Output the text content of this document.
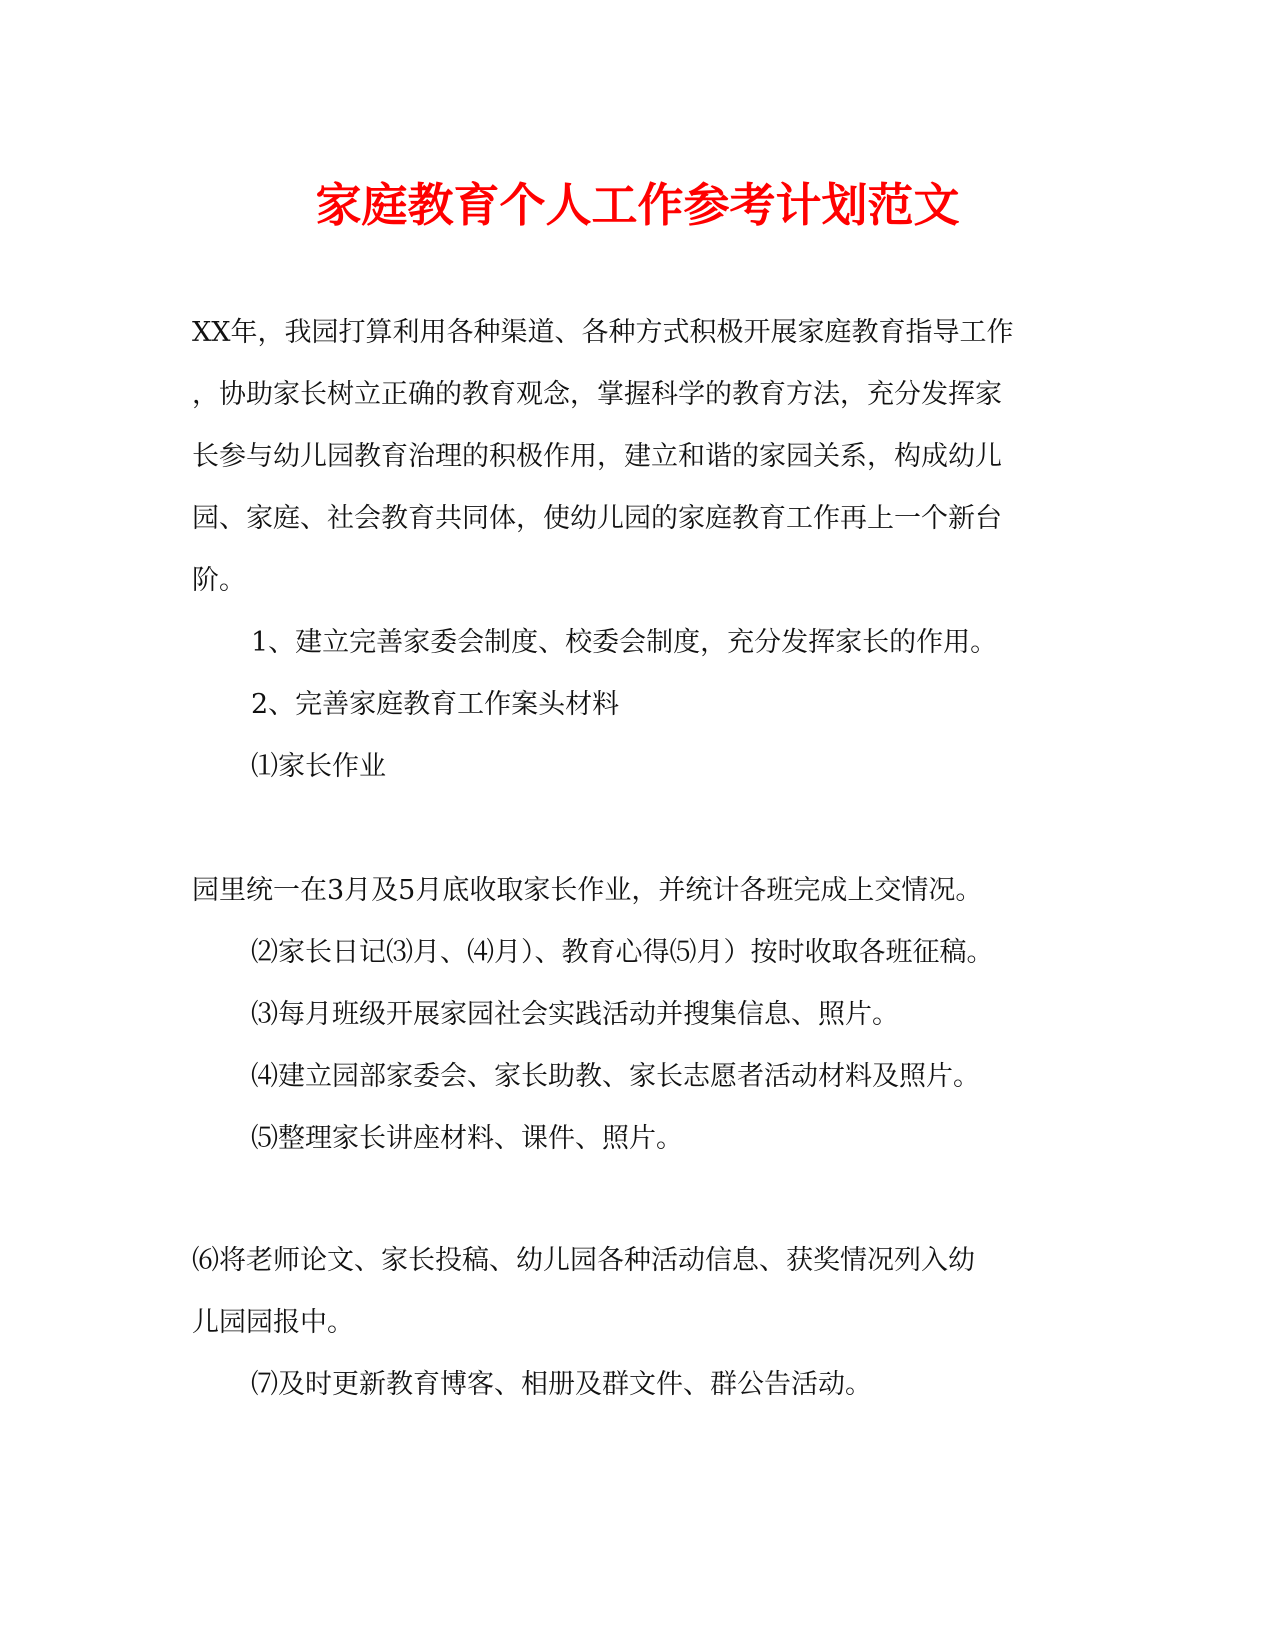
家庭教育个人工作参考计划范文

XX年，我园打算利用各种渠道、各种方式积极开展家庭教育指导工作

，协助家长树立正确的教育观念，掌握科学的教育方法，充分发挥家

长参与幼儿园教育治理的积极作用，建立和谐的家园关系，构成幼儿

园、家庭、社会教育共同体，使幼儿园的家庭教育工作再上一个新台

阶。

1、建立完善家委会制度、校委会制度，充分发挥家长的作用。

2、完善家庭教育工作案头材料

⑴家长作业

园里统一在3月及5月底收取家长作业，并统计各班完成上交情况。

⑵家长日记⑶月、⑷月）、教育心得⑸月）按时收取各班征稿。

⑶每月班级开展家园社会实践活动并搜集信息、照片。

⑷建立园部家委会、家长助教、家长志愿者活动材料及照片。

⑸整理家长讲座材料、课件、照片。

⑹将老师论文、家长投稿、幼儿园各种活动信息、获奖情况列入幼

儿园园报中。

⑺及时更新教育博客、相册及群文件、群公告活动。
